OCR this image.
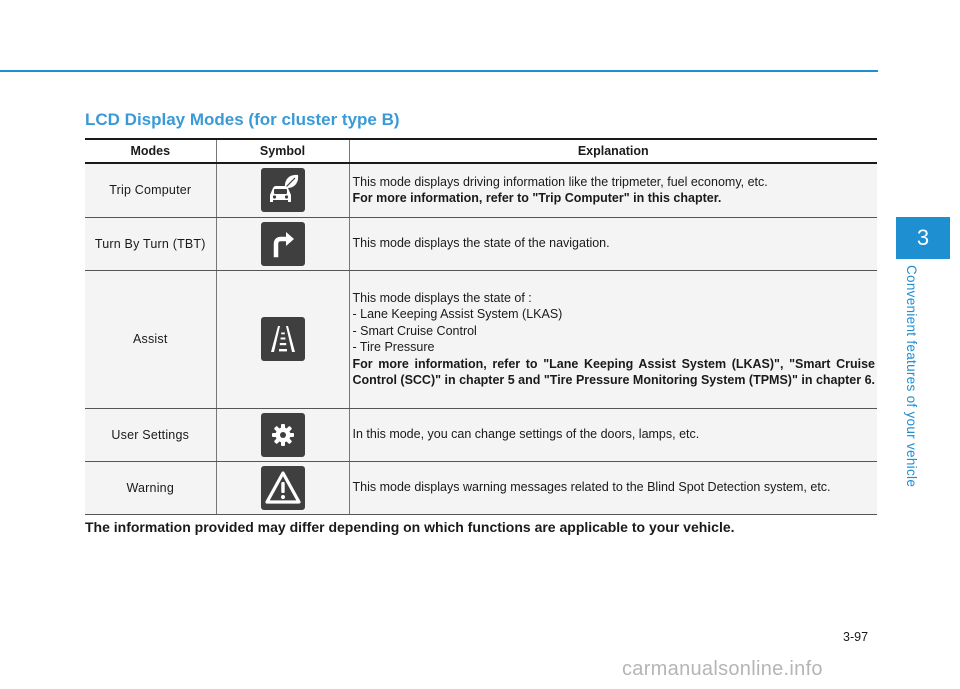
LCD Display Modes (for cluster type B)
3
Convenient features of your vehicle
Modes	Symbol	Explanation
Trip Computer		This mode displays driving information like the tripmeter, fuel economy, etc.
For more information, refer to "Trip Computer" in this chapter.

Turn By Turn (TBT)		This mode displays the state of the navigation.

Assist		This mode displays the state of :
- Lane Keeping Assist System (LKAS)
- Smart Cruise Control
- Tire Pressure
For more information, refer to "Lane Keeping Assist System (LKAS)", "Smart Cruise Control (SCC)" in chapter 5 and "Tire Pressure Monitoring System (TPMS)" in chapter 6.

User Settings		In this mode, you can change settings of the doors, lamps, etc.

Warning		This mode displays warning messages related to the Blind Spot Detection system, etc.
The information provided may differ depending on which functions are applicable to your vehicle.
3-97
carmanualsonline.info
